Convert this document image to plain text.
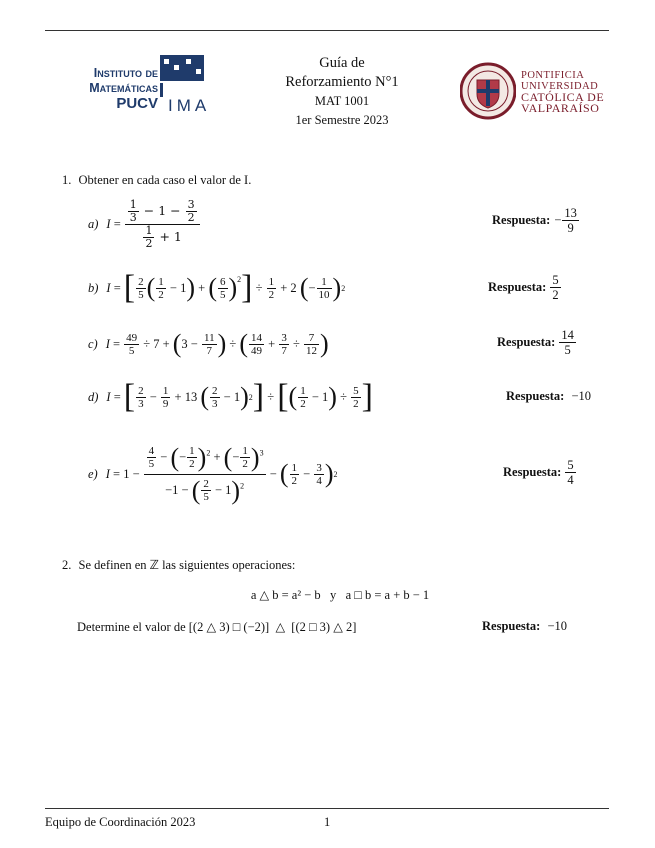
Instituto de
Matemáticas
PUCV IMA
Guía de
Reforzamiento N°1
MAT 1001
1er Semestre 2023
PONTIFICIA
UNIVERSIDAD
CATÓLICA DE
VALPARAÍSO
1. Obtener en cada caso el valor de I.
a) $I = \frac{\frac{1}{3} - 1 - \frac{3}{2}}{\frac{1}{2} + 1}$	Respuesta: − $\frac{13}{9}$
b) I = [ $\frac{2}{5}$ ( $\frac{1}{2} - 1$ ) + ( $\frac{6}{5} )^2$ ] ÷ $\frac{1}{2} + 2$ ( − $\frac{1}{10}$ ) 2	Respuesta: $\frac{5}{2}$
c) $I = \frac{49}{5} \div 7$ + ( $3 - \frac{11}{7}$ ) ÷ ( $\frac{14}{49} + \frac{3}{7} \div \frac{7}{12}$ )	Respuesta: $\frac{14}{5}$
d) I = [ $\frac{2}{3} - \frac{1}{9} + 13$ ( $\frac{2}{3} - 1$ ) 2 ] ÷ [ ( $\frac{1}{2} - 1$ ) ÷ $\frac{5}{2}$ ]	Respuesta: −10
e) $I = 1 - \frac{\frac{4}{5} - (- \frac{1}{2} )^2 + (- \frac{1}{2} )^3}{-1 - ( \frac{2}{5} - 1)^2}$ − ( $\frac{1}{2} - \frac{3}{4}$ ) 2	Respuesta: $\frac{5}{4}$
2. Se definen en ℤ las siguientes operaciones:
a △ b = a² − b   y   a □ b = a + b − 1
Determine el valor de [(2 △ 3) □ (−2)]  △  [(2 □ 3) △ 2]	Respuesta: −10
Equipo de Coordinación 2023	1
